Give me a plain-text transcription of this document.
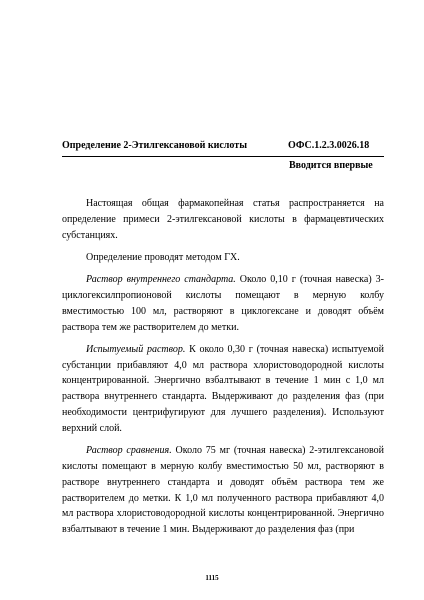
Определение 2-Этилгексановой кислоты	ОФС.1.2.3.0026.18
Вводится впервые

Настоящая общая фармакопейная статья распространяется на определение примеси 2-этилгексановой кислоты в фармацевтических субстанциях.

Определение проводят методом ГХ.

Раствор внутреннего стандарта. Около 0,10 г (точная навеска) 3-циклогексилпропионовой кислоты помещают в мерную колбу вместимостью 100 мл, растворяют в циклогексане и доводят объём раствора тем же растворителем до метки.

Испытуемый раствор. К около 0,30 г (точная навеска) испытуемой субстанции прибавляют 4,0 мл раствора хлористоводородной кислоты концентрированной. Энергично взбалтывают в течение 1 мин с 1,0 мл раствора внутреннего стандарта. Выдерживают до разделения фаз (при необходимости центрифугируют для лучшего разделения). Используют верхний слой.

Раствор сравнения. Около 75 мг (точная навеска) 2-этилгексановой кислоты помещают в мерную колбу вместимостью 50 мл, растворяют в растворе внутреннего стандарта и доводят объём раствора тем же растворителем до метки. К 1,0 мл полученного раствора прибавляют 4,0 мл раствора хлористоводородной кислоты концентрированной. Энергично взбалтывают в течение 1 мин. Выдерживают до разделения фаз (при

1115
